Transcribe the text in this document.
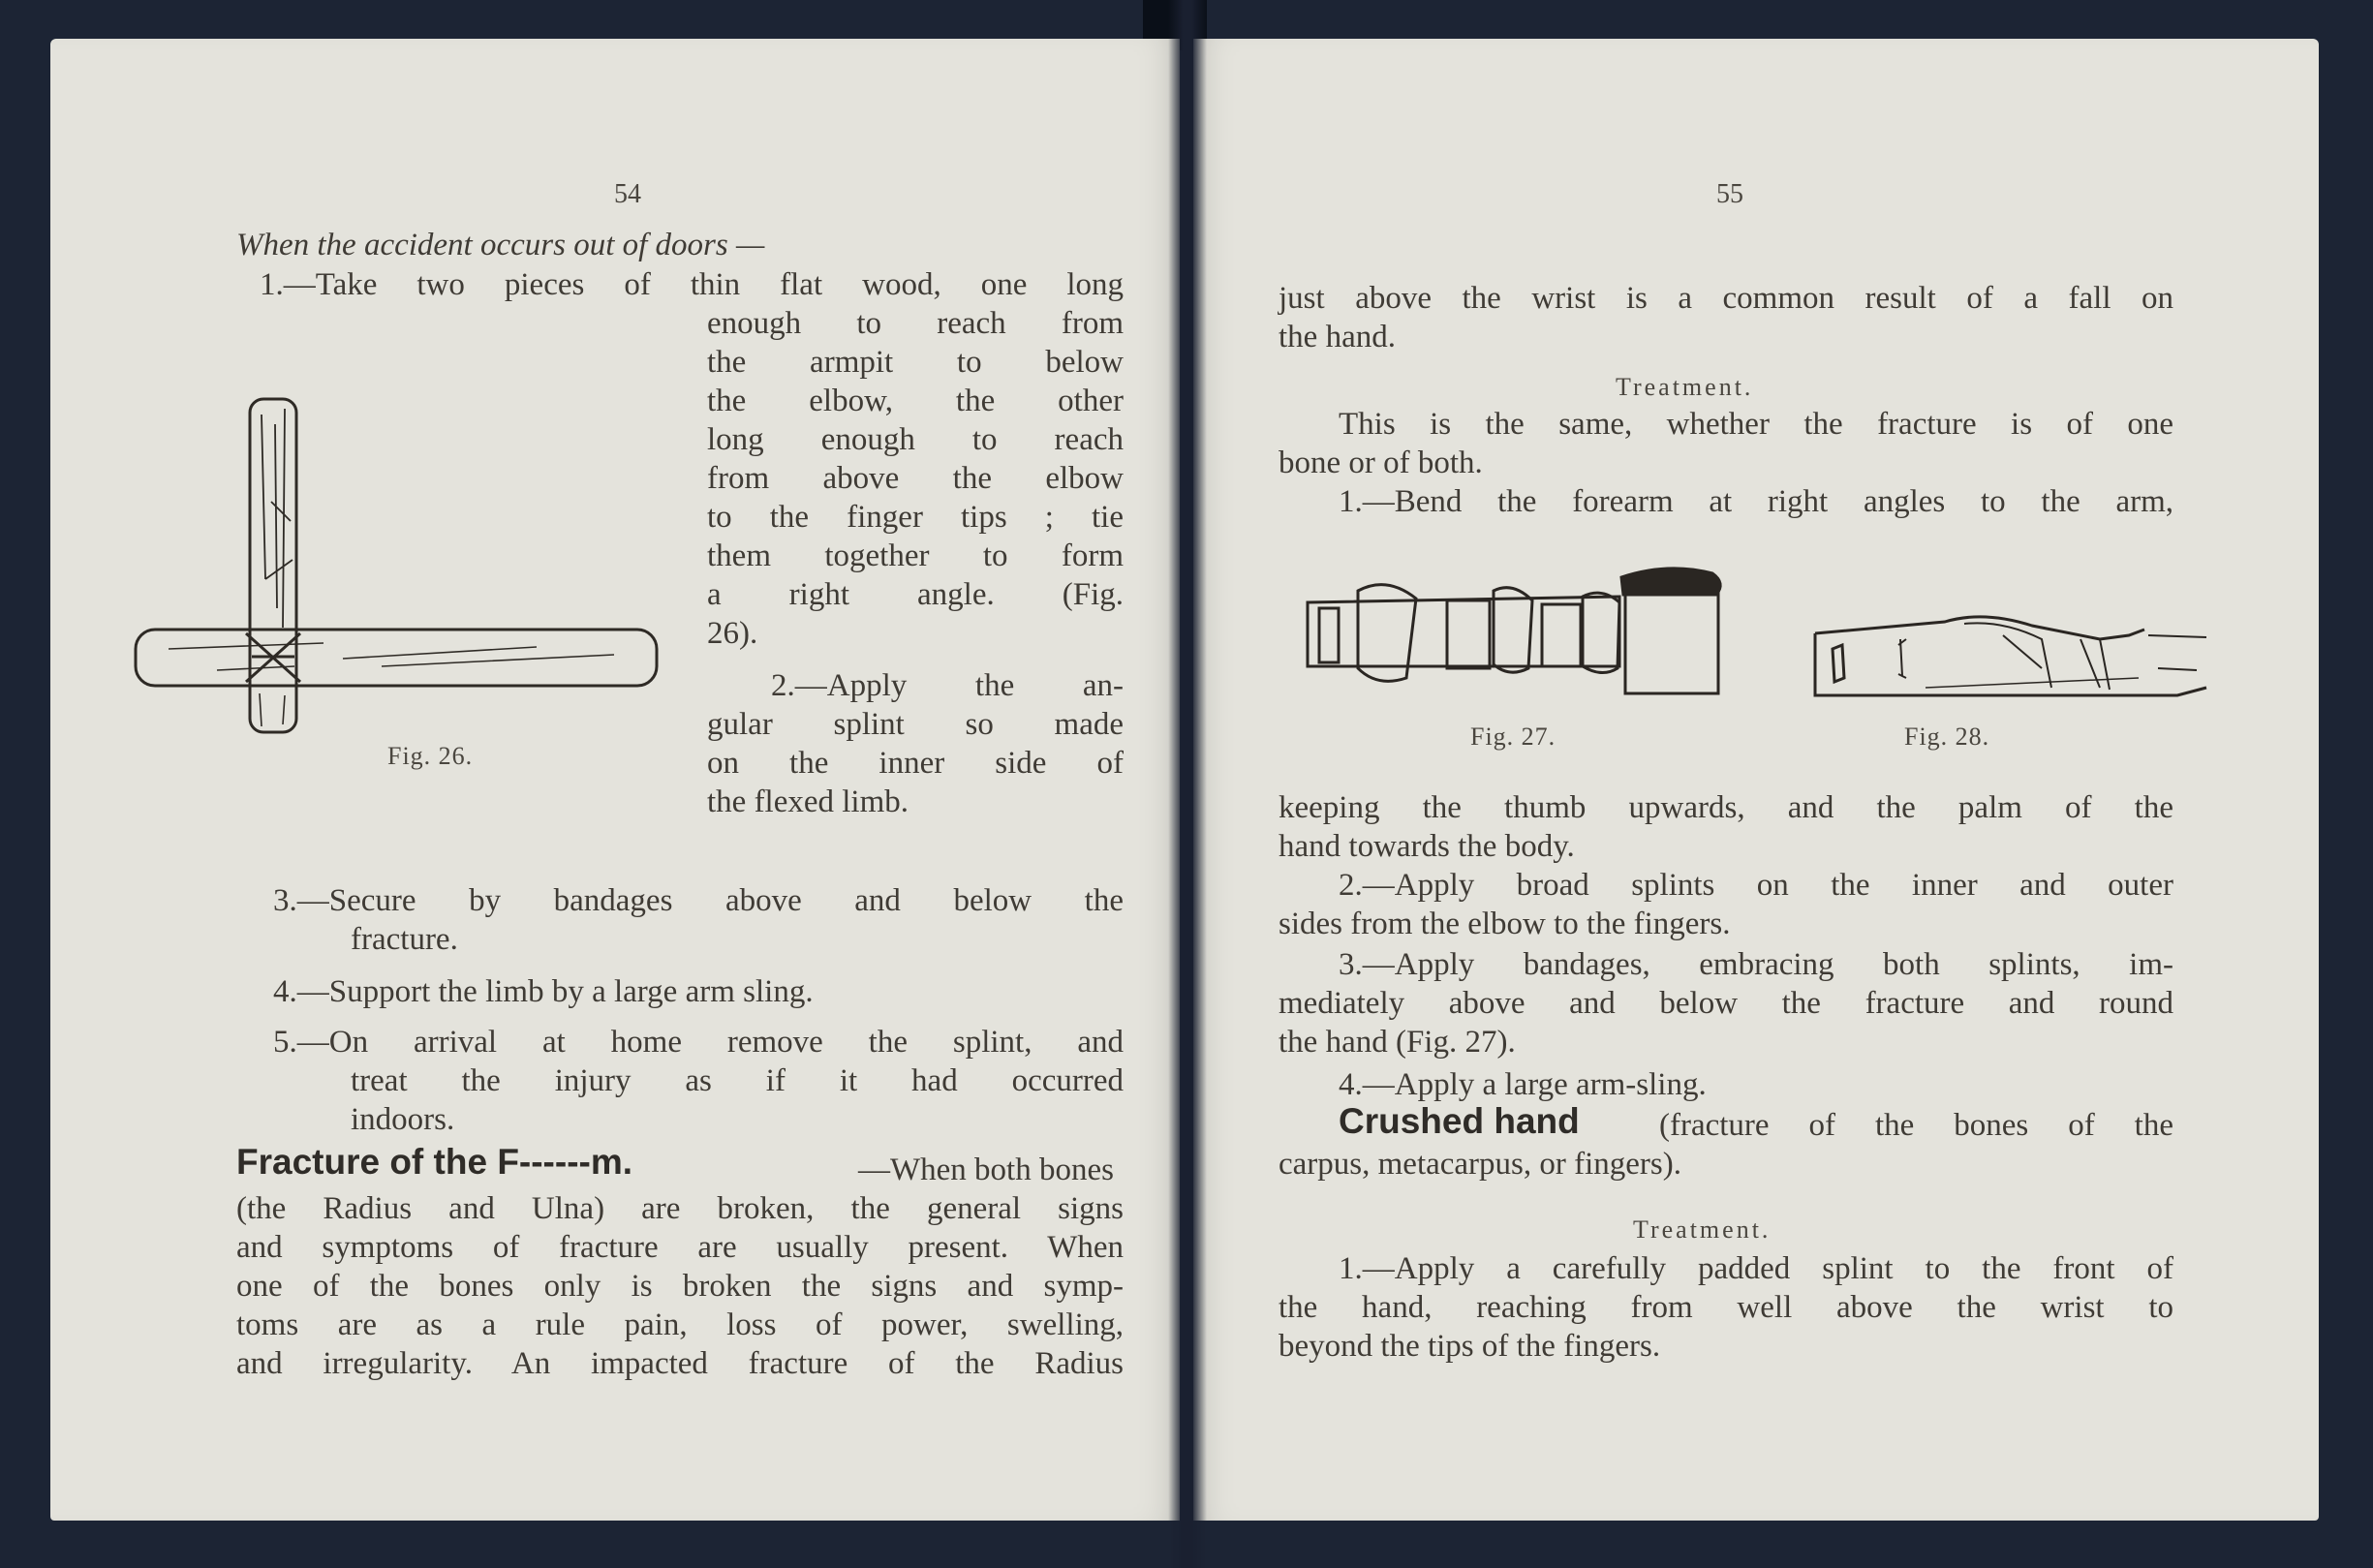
54
When the accident occurs out of doors —
1.—Take two pieces of thin flat wood, one long
enough to reach from
the armpit to below
the elbow, the other
long enough to reach
from above the elbow
to the finger tips ; tie
them together to form
a right angle. (Fig.
26).
2.—Apply the an-
gular splint so made
on the inner side of
the flexed limb.
Fig. 26.
3.—Secure by bandages above and below the
fracture.
4.—Support the limb by a large arm sling.
5.—On arrival at home remove the splint, and
treat the injury as if it had occurred
indoors.
Fracture of the F------m.	—When both bones
(the Radius and Ulna) are broken, the general signs
and symptoms of fracture are usually present. When
one of the bones only is broken the signs and symp-
toms are as a rule pain, loss of power, swelling,
and irregularity. An impacted fracture of the Radius
55
just above the wrist is a common result of a fall on
the hand.
Treatment.
This is the same, whether the fracture is of one
bone or of both.
1.—Bend the forearm at right angles to the arm,
Fig. 27.	Fig. 28.
keeping the thumb upwards, and the palm of the
hand towards the body.
2.—Apply broad splints on the inner and outer
sides from the elbow to the fingers.
3.—Apply bandages, embracing both splints, im-
mediately above and below the fracture and round
the hand (Fig. 27).
4.—Apply a large arm-sling.
Crushed hand (fracture of the bones of the
carpus, metacarpus, or fingers).
Treatment.
1.—Apply a carefully padded splint to the front of
the hand, reaching from well above the wrist to
beyond the tips of the fingers.
